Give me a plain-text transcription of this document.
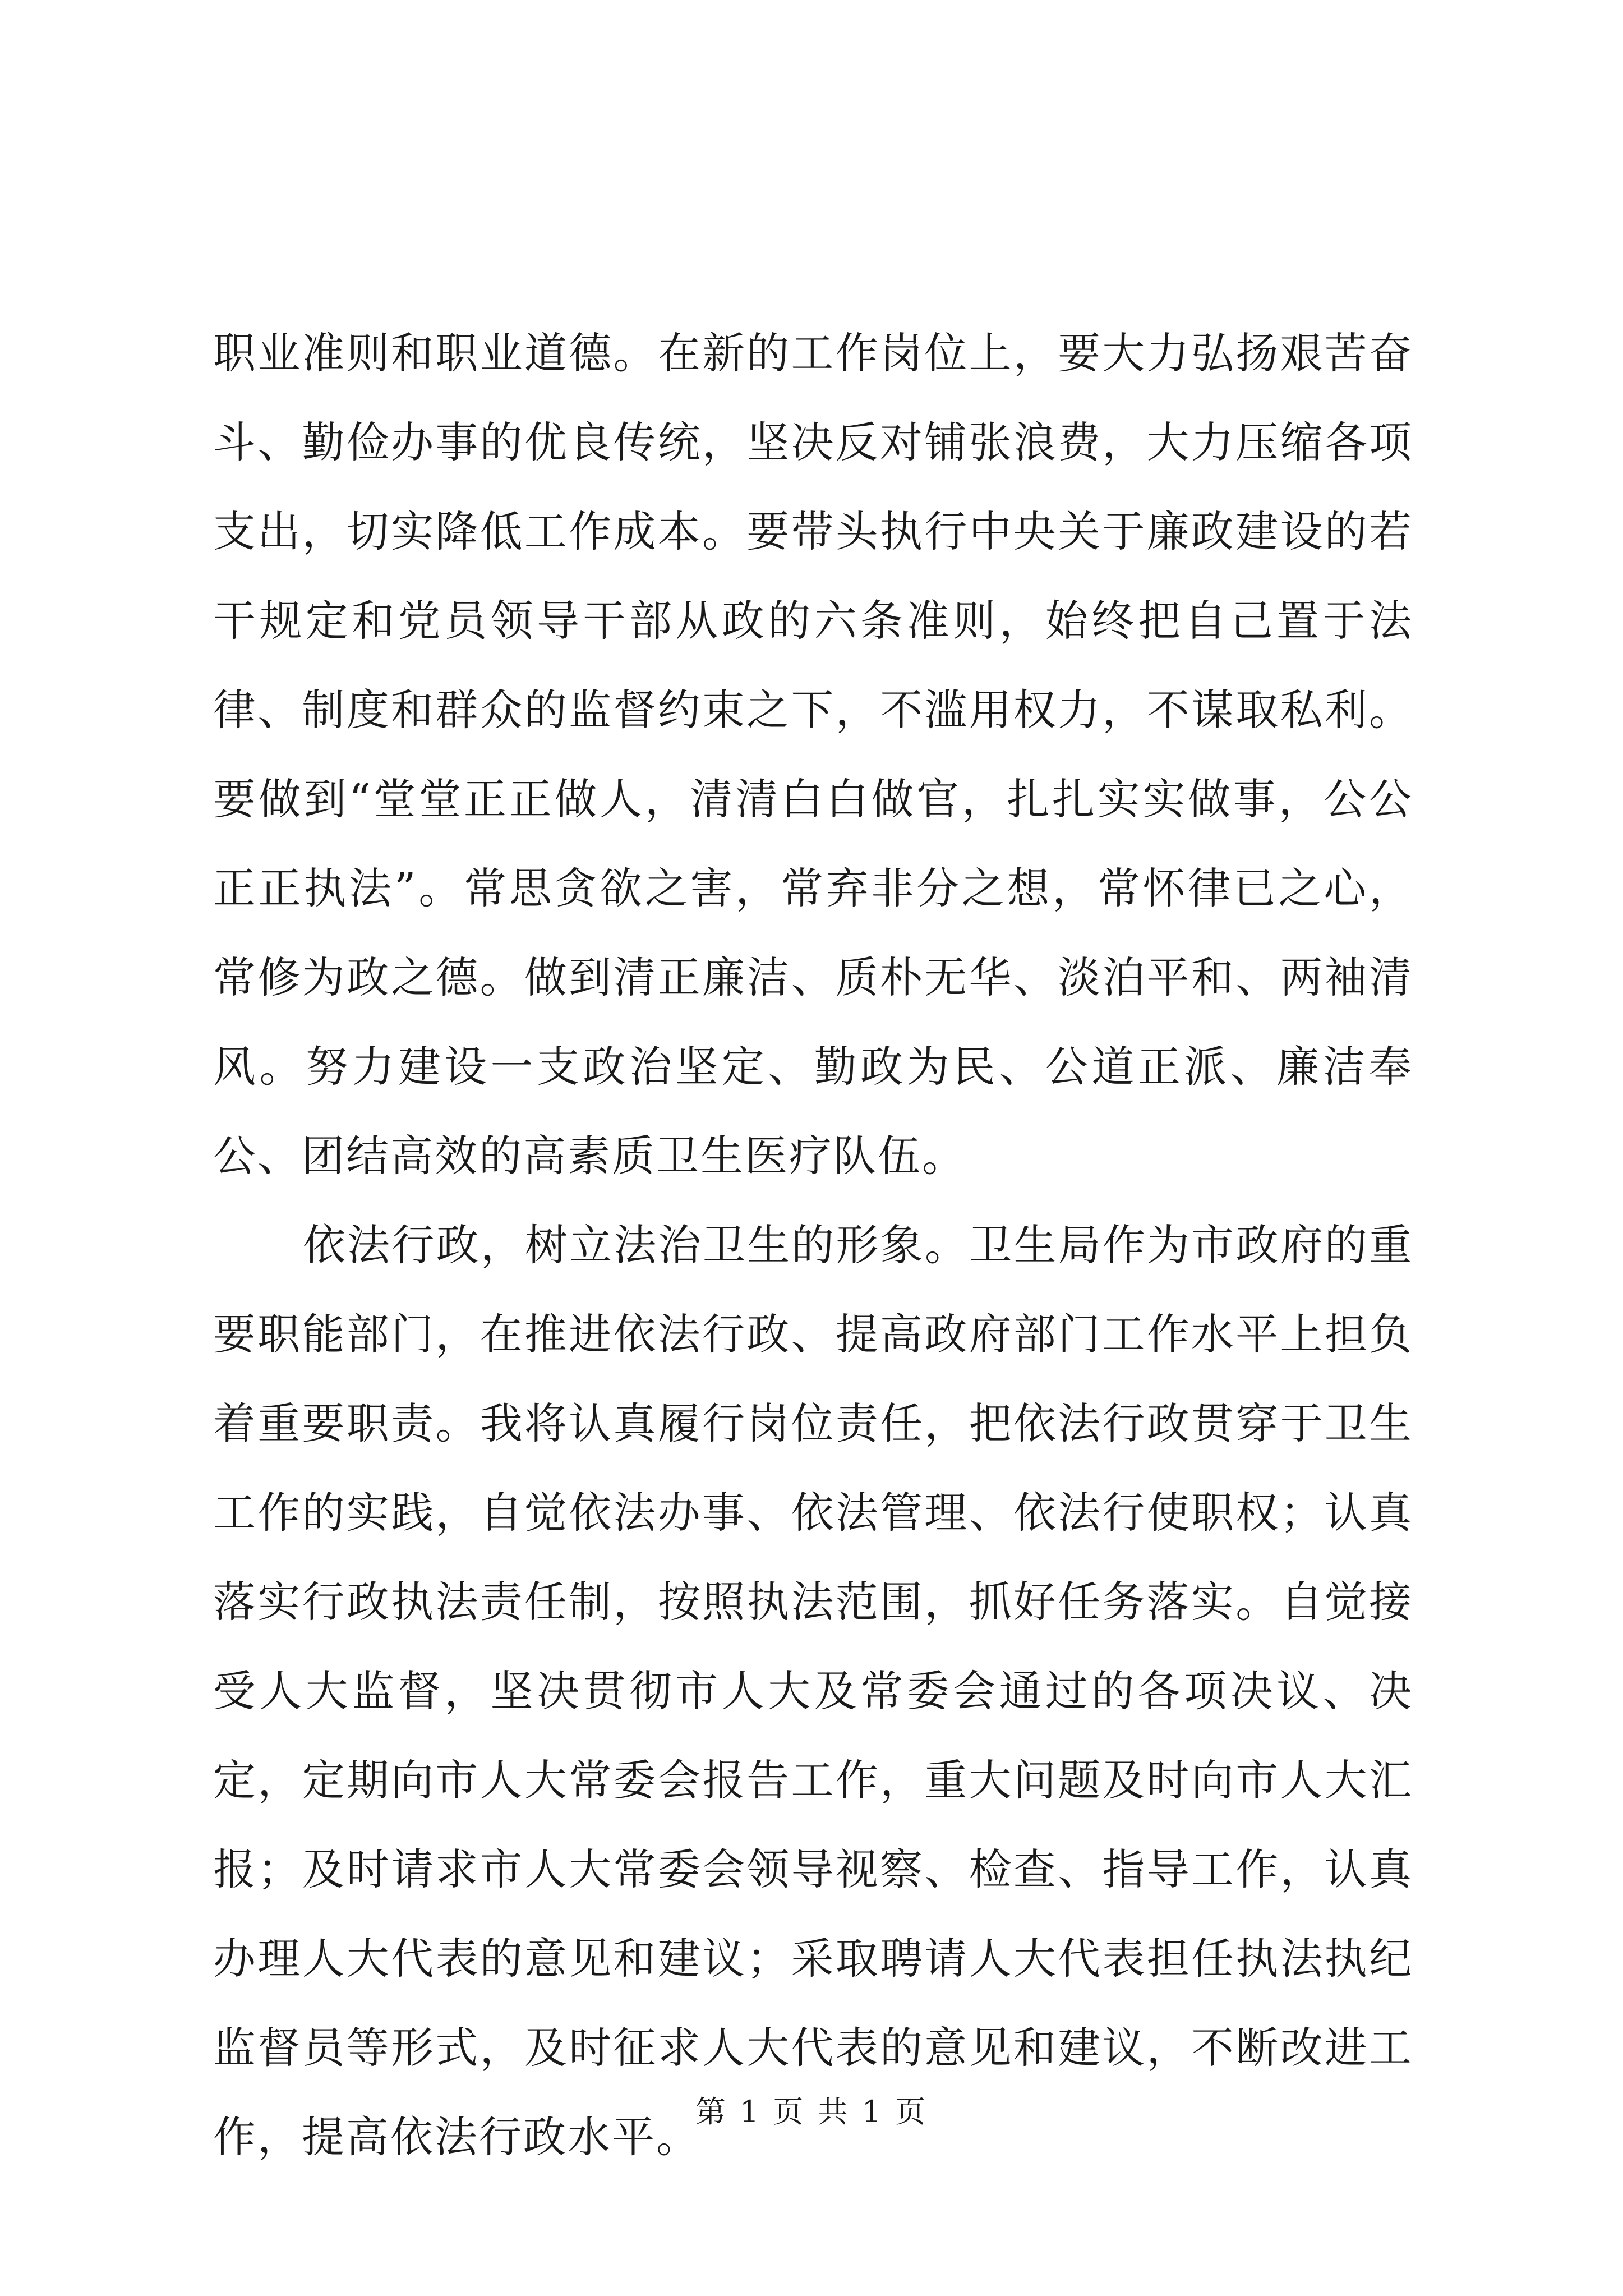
职业准则和职业道德。在新的工作岗位上，要大力弘扬艰苦奋斗、勤俭办事的优良传统，坚决反对铺张浪费，大力压缩各项支出，切实降低工作成本。要带头执行中央关于廉政建设的若干规定和党员领导干部从政的六条准则，始终把自己置于法律、制度和群众的监督约束之下，不滥用权力，不谋取私利。要做到“堂堂正正做人，清清白白做官，扎扎实实做事，公公正正执法”。常思贪欲之害，常弃非分之想，常怀律已之心，常修为政之德。做到清正廉洁、质朴无华、淡泊平和、两袖清风。努力建设一支政治坚定、勤政为民、公道正派、廉洁奉公、团结高效的高素质卫生医疗队伍。

依法行政，树立法治卫生的形象。卫生局作为市政府的重要职能部门，在推进依法行政、提高政府部门工作水平上担负着重要职责。我将认真履行岗位责任，把依法行政贯穿于卫生工作的实践，自觉依法办事、依法管理、依法行使职权；认真落实行政执法责任制，按照执法范围，抓好任务落实。自觉接受人大监督，坚决贯彻市人大及常委会通过的各项决议、决定，定期向市人大常委会报告工作，重大问题及时向市人大汇报；及时请求市人大常委会领导视察、检查、指导工作，认真办理人大代表的意见和建议；采取聘请人大代表担任执法执纪监督员等形式，及时征求人大代表的意见和建议，不断改进工作，提高依法行政水平。

第 1 页 共 1 页
